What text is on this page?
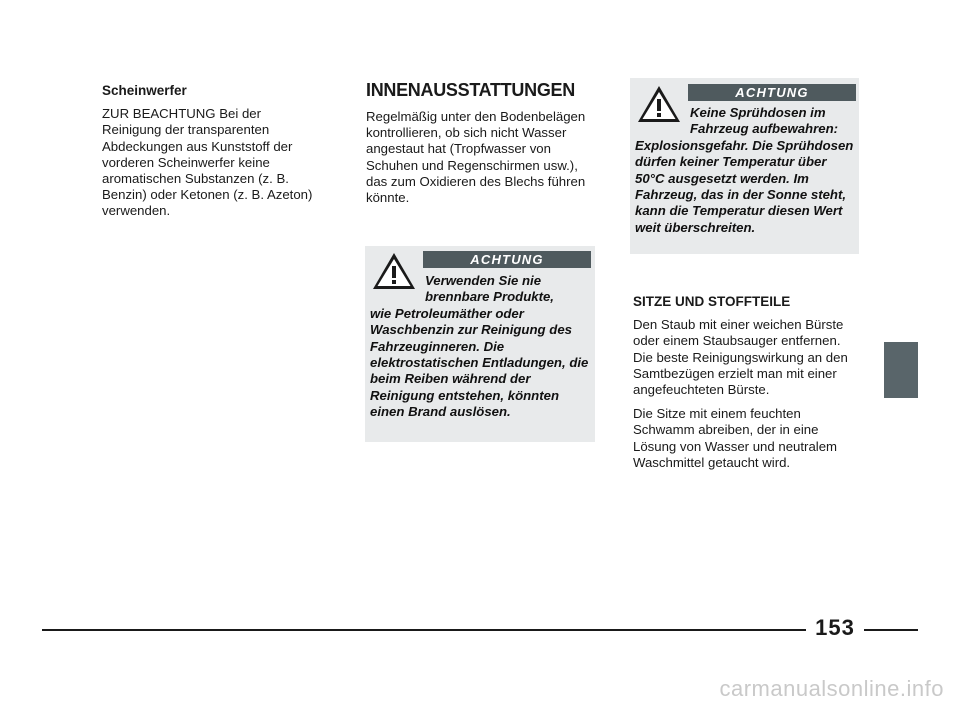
Scheinwerfer

ZUR BEACHTUNG Bei der Reinigung der transparenten Abdeckungen aus Kunststoff der vorderen Scheinwerfer keine aromatischen Substanzen (z. B. Benzin) oder Ketonen (z. B. Azeton) verwenden.

INNENAUSSTATTUNGEN

Regelmäßig unter den Bodenbelägen kontrollieren, ob sich nicht Wasser angestaut hat (Tropfwasser von Schuhen und Regenschirmen usw.), das zum Oxidieren des Blechs führen könnte.

ACHTUNG
Verwenden Sie nie
brennbare Produkte,
wie Petroleumäther oder Waschbenzin zur Reinigung des Fahrzeuginneren. Die elektrostatischen Entladungen, die beim Reiben während der Reinigung entstehen, könnten einen Brand auslösen.
ACHTUNG
Keine Sprühdosen im
Fahrzeug aufbewahren:
Explosionsgefahr. Die Sprühdosen dürfen keiner Temperatur über 50°C ausgesetzt werden. Im Fahrzeug, das in der Sonne steht, kann die Temperatur diesen Wert weit überschreiten.
SITZE UND STOFFTEILE

Den Staub mit einer weichen Bürste oder einem Staubsauger entfernen. Die beste Reinigungswirkung an den Samtbezügen erzielt man mit einer angefeuchteten Bürste.

Die Sitze mit einem feuchten Schwamm abreiben, der in eine Lösung von Wasser und neutralem Waschmittel getaucht wird.

153
carmanualsonline.info
